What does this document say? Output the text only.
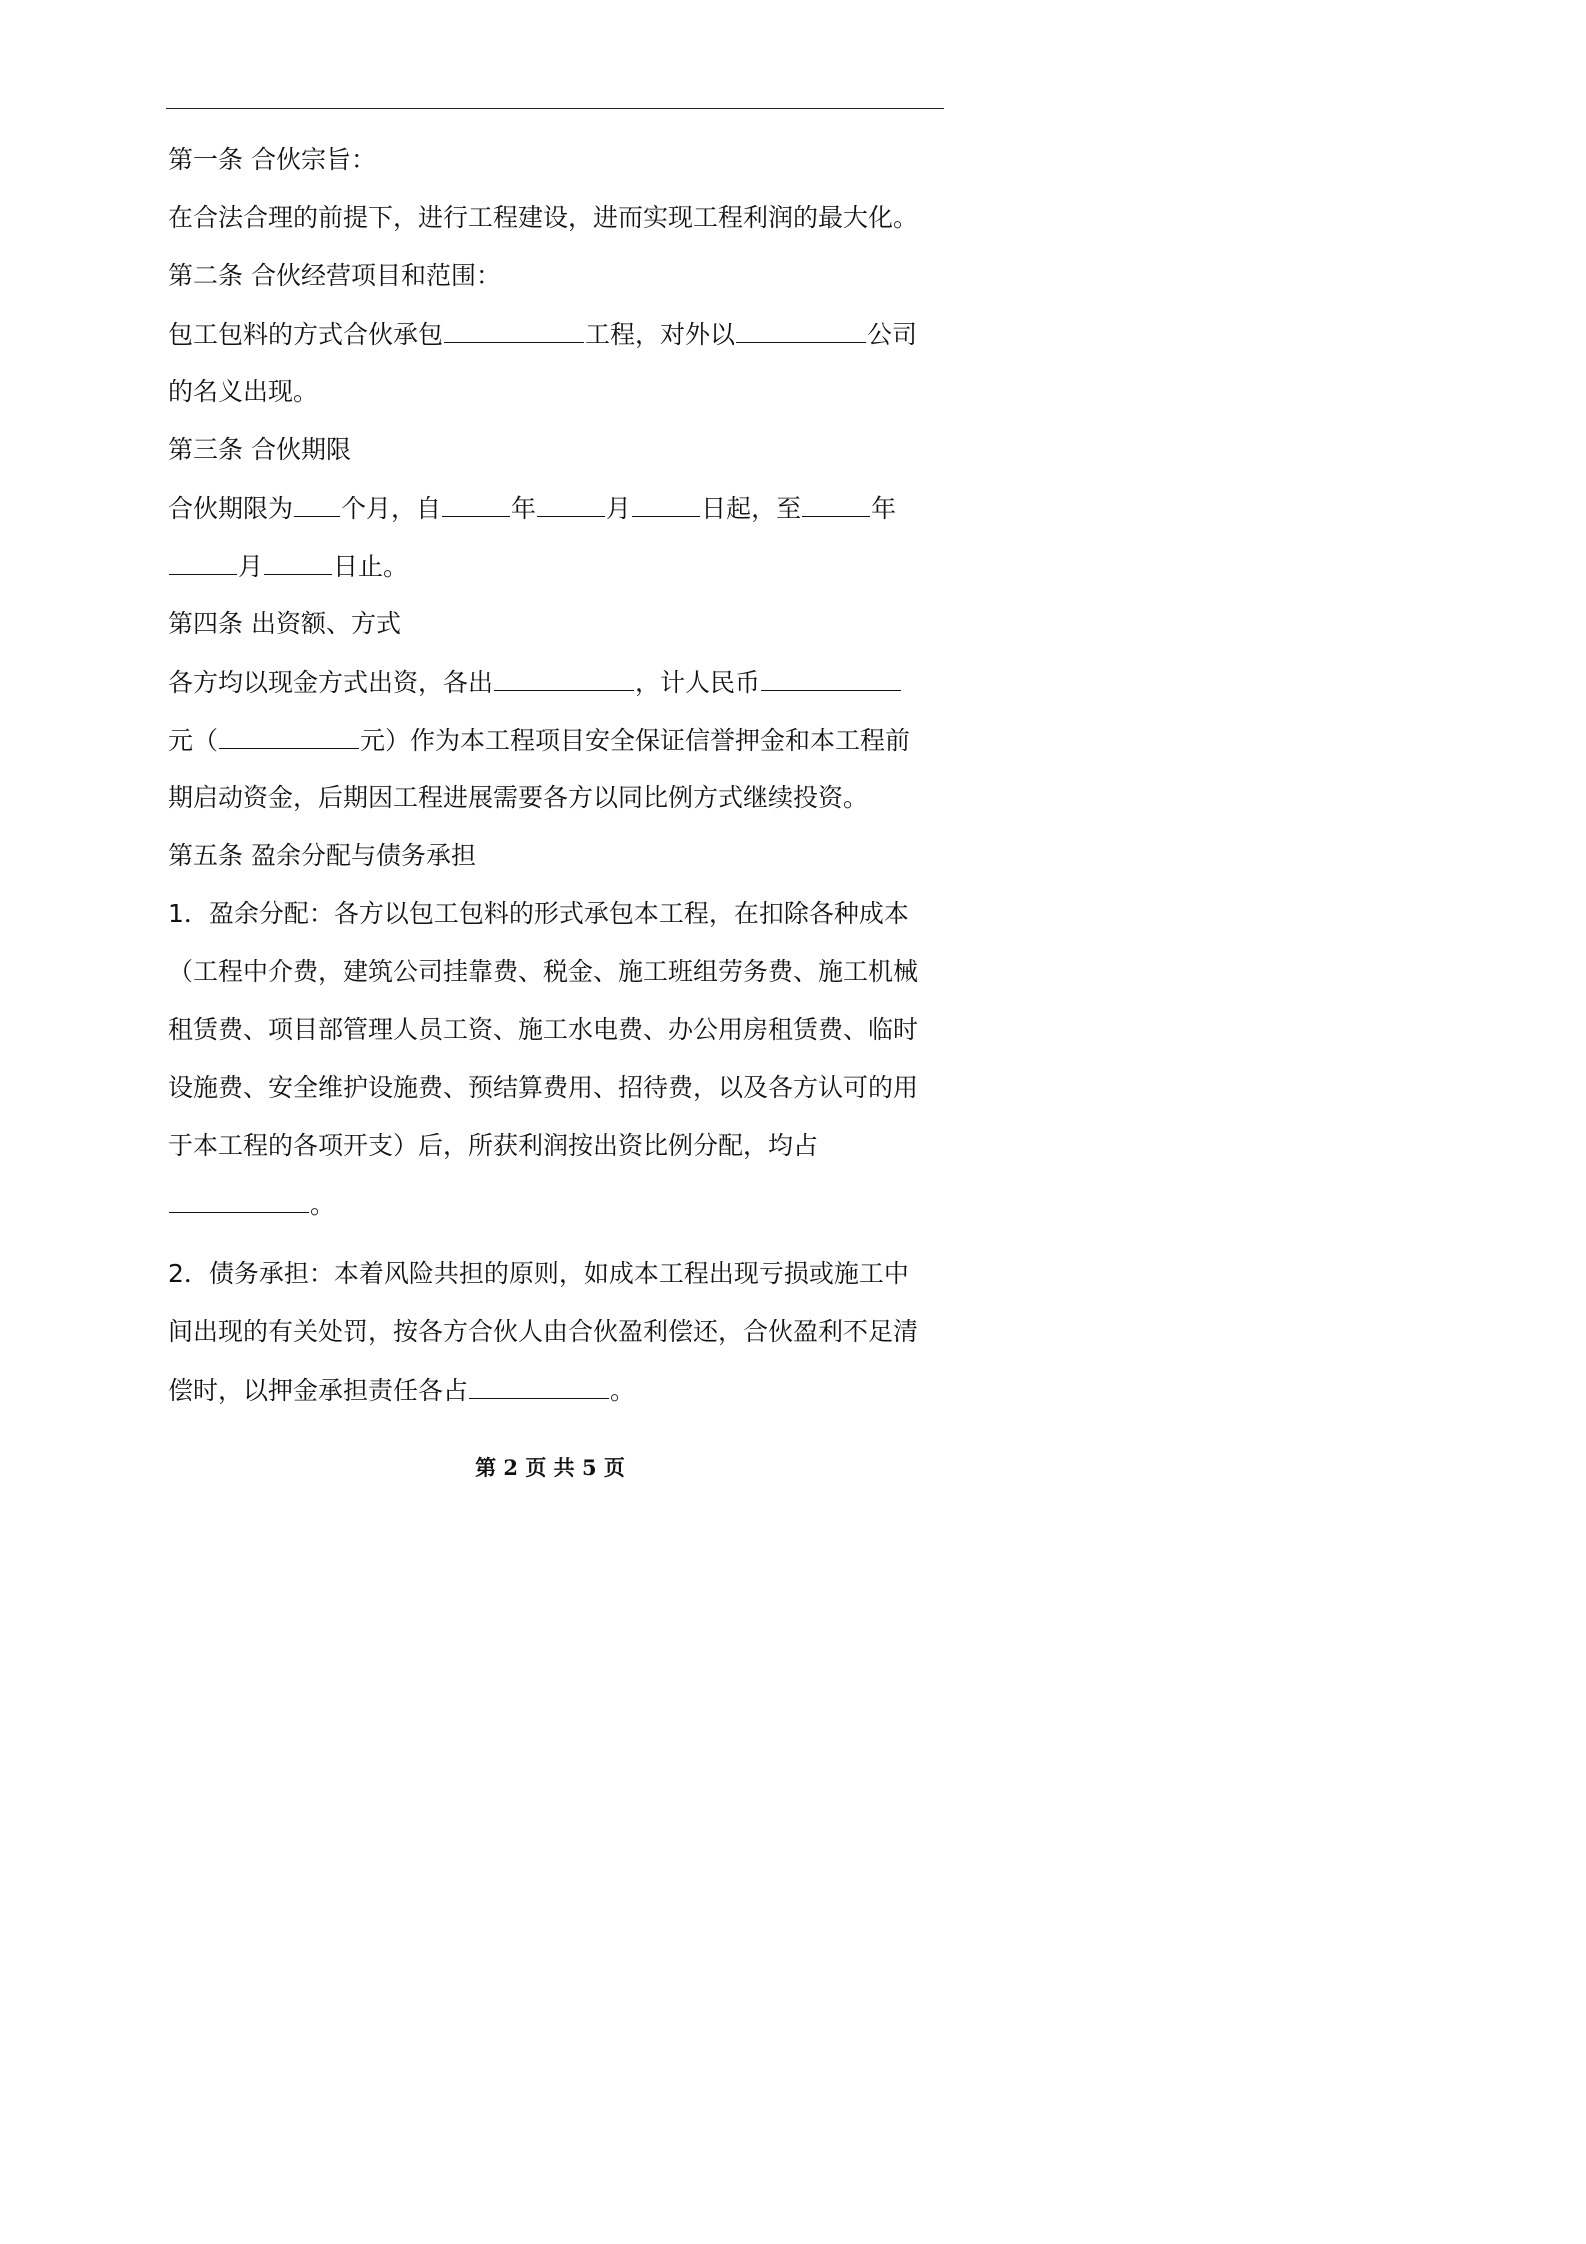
第一条 合伙宗旨：
在合法合理的前提下，进行工程建设，进而实现工程利润的最大化。
第二条 合伙经营项目和范围：
包工包料的方式合伙承包	工程，对外以	公司
的名义出现。
第三条 合伙期限
合伙期限为 个月，自	年	月	日起，至	年
月	日止。
第四条 出资额、方式
各方均以现金方式出资，各出	，计人民币
元（	元）作为本工程项目安全保证信誉押金和本工程前
期启动资金，后期因工程进展需要各方以同比例方式继续投资。
第五条 盈余分配与债务承担
1．盈余分配：各方以包工包料的形式承包本工程，在扣除各种成本
（工程中介费，建筑公司挂靠费、税金、施工班组劳务费、施工机械
租赁费、项目部管理人员工资、施工水电费、办公用房租赁费、临时
设施费、安全维护设施费、预结算费用、招待费，以及各方认可的用
于本工程的各项开支）后，所获利润按出资比例分配，均占
。
2．债务承担：本着风险共担的原则，如成本工程出现亏损或施工中
间出现的有关处罚，按各方合伙人由合伙盈利偿还，合伙盈利不足清
偿时，以押金承担责任各占	。
第 2 页 共 5 页
